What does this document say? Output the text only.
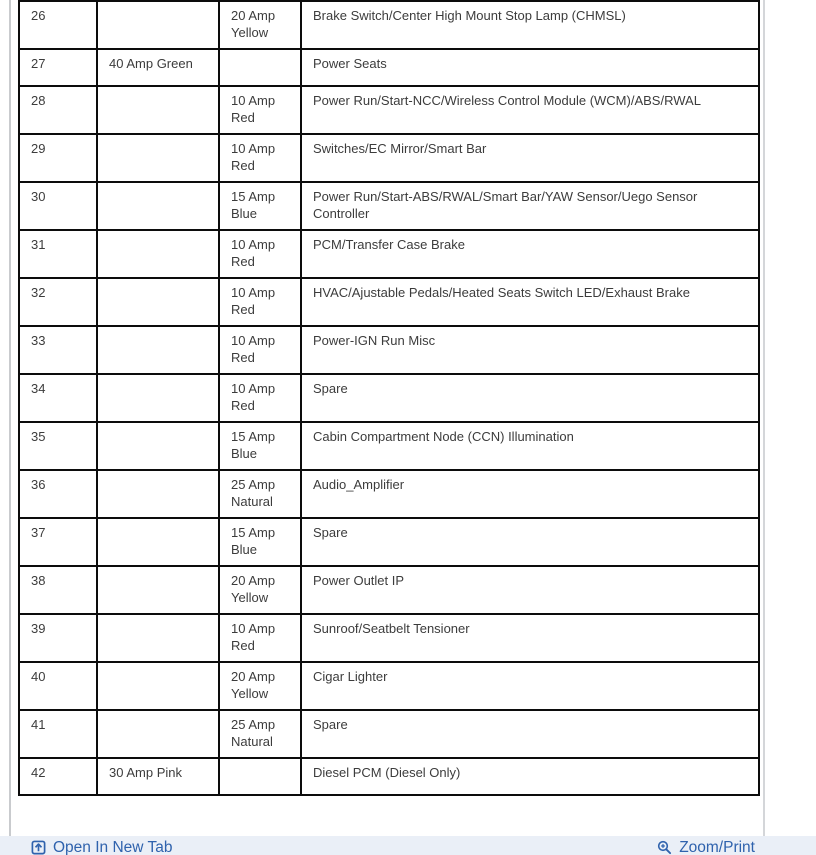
26		20 Amp Yellow	Brake Switch/Center High Mount Stop Lamp (CHMSL)
27	40 Amp Green		Power Seats
28		10 Amp Red	Power Run/Start-NCC/Wireless Control Module (WCM)/ABS/RWAL
29		10 Amp Red	Switches/EC Mirror/Smart Bar
30		15 Amp Blue	Power Run/Start-ABS/RWAL/Smart Bar/YAW Sensor/Uego Sensor Controller
31		10 Amp Red	PCM/Transfer Case Brake
32		10 Amp Red	HVAC/Ajustable Pedals/Heated Seats Switch LED/Exhaust Brake
33		10 Amp Red	Power-IGN Run Misc
34		10 Amp Red	Spare
35		15 Amp Blue	Cabin Compartment Node (CCN) Illumination
36		25 Amp Natural	Audio_Amplifier
37		15 Amp Blue	Spare
38		20 Amp Yellow	Power Outlet IP
39		10 Amp Red	Sunroof/Seatbelt Tensioner
40		20 Amp Yellow	Cigar Lighter
41		25 Amp Natural	Spare
42	30 Amp Pink		Diesel PCM (Diesel Only)
Open In New Tab	Zoom/Print
